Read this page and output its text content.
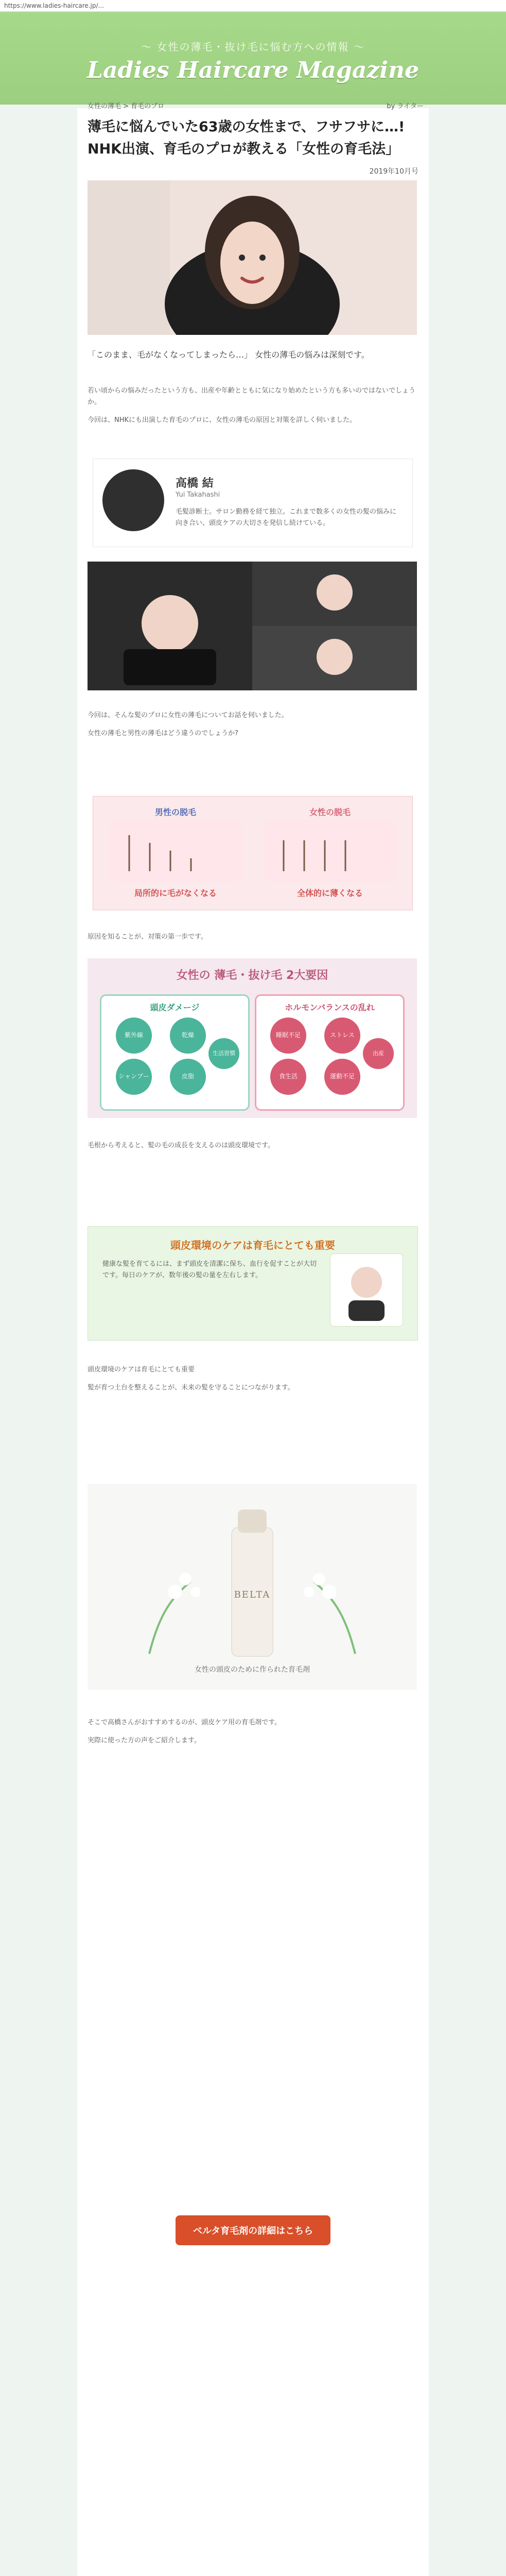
https://www.ladies-haircare.jp/...
〜 女性の薄毛・抜け毛に悩む方への情報 〜
Ladies Haircare Magazine
女性の薄毛 > 育毛のプロ	by ライター
薄毛に悩んでいた63歳の女性まで、フサフサに…! NHK出演、育毛のプロが教える「女性の育毛法」
2019年10月号

「このまま、毛がなくなってしまったら…」 女性の薄毛の悩みは深刻です。

若い頃からの悩みだったという方も、出産や年齢とともに気になり始めたという方も多いのではないでしょうか。

今回は、NHKにも出演した育毛のプロに、女性の薄毛の原因と対策を詳しく伺いました。

高橋 結
Yui Takahashi
毛髪診断士。サロン勤務を経て独立。これまで数多くの女性の髪の悩みに向き合い、頭皮ケアの大切さを発信し続けている。

今回は、そんな髪のプロに女性の薄毛についてお話を伺いました。

女性の薄毛と男性の薄毛はどう違うのでしょうか?

男性の脱毛	女性の脱毛
局所的に毛がなくなる	全体的に薄くなる

原因を知ることが、対策の第一歩です。

女性の 薄毛・抜け毛 2大要因
頭皮ダメージ	ホルモンバランスの乱れ
紫外線	乾燥
シャンプー	皮脂
生活習慣
睡眠不足	ストレス
食生活	運動不足
出産

毛根から考えると、髪の毛の成長を支えるのは頭皮環境です。

頭皮環境のケアは育毛にとても重要
健康な髪を育てるには、まず頭皮を清潔に保ち、血行を促すことが大切です。毎日のケアが、数年後の髪の量を左右します。

頭皮環境のケアは育毛にとても重要

髪が育つ土台を整えることが、未来の髪を守ることにつながります。

BELTA
女性の頭皮のために作られた育毛剤

そこで高橋さんがおすすめするのが、頭皮ケア用の育毛剤です。

実際に使った方の声をご紹介します。

ベルタ育毛剤の詳細はこちら
